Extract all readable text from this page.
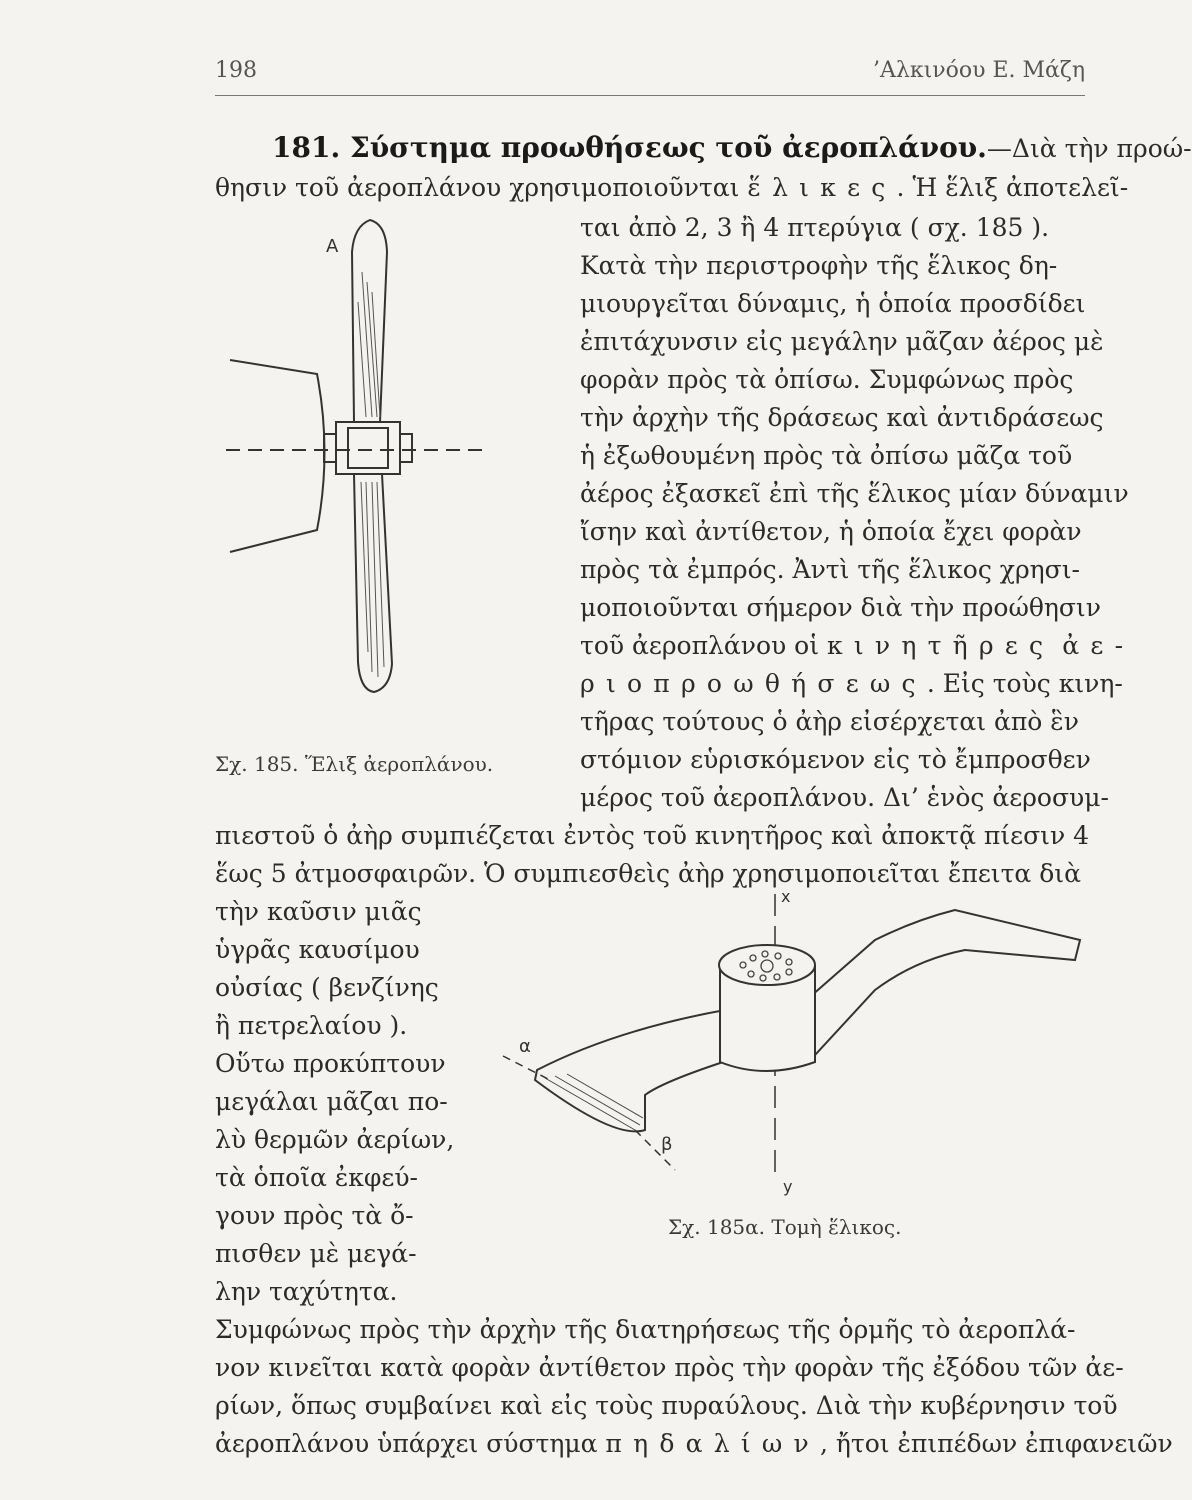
198	’Αλκινόου Ε. Μάζη
181. Σύστημα προωθήσεως τοῦ ἀεροπλάνου.—Διὰ τὴν προώ-
θησιν τοῦ ἀεροπλάνου χρησιμοποιοῦνται ἕλικες. Ἡ ἕλιξ ἀποτελεῖ-
ται ἀπὸ 2, 3 ἢ 4 πτερύγια ( σχ. 185 ).
Κατὰ τὴν περιστροφὴν τῆς ἕλικος δη-
μιουργεῖται δύναμις, ἡ ὁποία προσδίδει
ἐπιτάχυνσιν εἰς μεγάλην μᾶζαν ἀέρος μὲ
φορὰν πρὸς τὰ ὀπίσω. Συμφώνως πρὸς
τὴν ἀρχὴν τῆς δράσεως καὶ ἀντιδράσεως
ἡ ἐξωθουμένη πρὸς τὰ ὀπίσω μᾶζα τοῦ
ἀέρος ἐξασκεῖ ἐπὶ τῆς ἕλικος μίαν δύναμιν
ἴσην καὶ ἀντίθετον, ἡ ὁποία ἔχει φορὰν
πρὸς τὰ ἐμπρός. Ἀντὶ τῆς ἕλικος χρησι-
μοποιοῦνται σήμερον διὰ τὴν προώθησιν
τοῦ ἀεροπλάνου οἱ κινητῆρες ἀε-
ριοπροωθήσεως. Εἰς τοὺς κινη-
τῆρας τούτους ὁ ἀὴρ εἰσέρχεται ἀπὸ ἓν
στόμιον εὑρισκόμενον εἰς τὸ ἔμπροσθεν
μέρος τοῦ ἀεροπλάνου. Δι’ ἑνὸς ἀεροσυμ-
πιεστοῦ ὁ ἀὴρ συμπιέζεται ἐντὸς τοῦ κινητῆρος καὶ ἀποκτᾷ πίεσιν 4
ἕως 5 ἀτμοσφαιρῶν. Ὁ συμπιεσθεὶς ἀὴρ χρησιμοποιεῖται ἔπειτα διὰ
τὴν καῦσιν μιᾶς
ὑγρᾶς καυσίμου
οὐσίας ( βενζίνης
ἢ πετρελαίου ).
Οὕτω προκύπτουν
μεγάλαι μᾶζαι πο-
λὺ θερμῶν ἀερίων,
τὰ ὁποῖα ἐκφεύ-
γουν πρὸς τὰ ὄ-
πισθεν μὲ μεγά-
λην ταχύτητα.
Συμφώνως πρὸς τὴν ἀρχὴν τῆς διατηρήσεως τῆς ὁρμῆς τὸ ἀεροπλά-
νον κινεῖται κατὰ φορὰν ἀντίθετον πρὸς τὴν φορὰν τῆς ἐξόδου τῶν ἀε-
ρίων, ὅπως συμβαίνει καὶ εἰς τοὺς πυραύλους. Διὰ τὴν κυβέρνησιν τοῦ
ἀεροπλάνου ὑπάρχει σύστημα πηδαλίων, ἤτοι ἐπιπέδων ἐπιφανειῶν
A
Σχ. 185. Ἕλιξ ἀεροπλάνου.
x
y
α
β
Σχ. 185α. Τομὴ ἕλικος.
